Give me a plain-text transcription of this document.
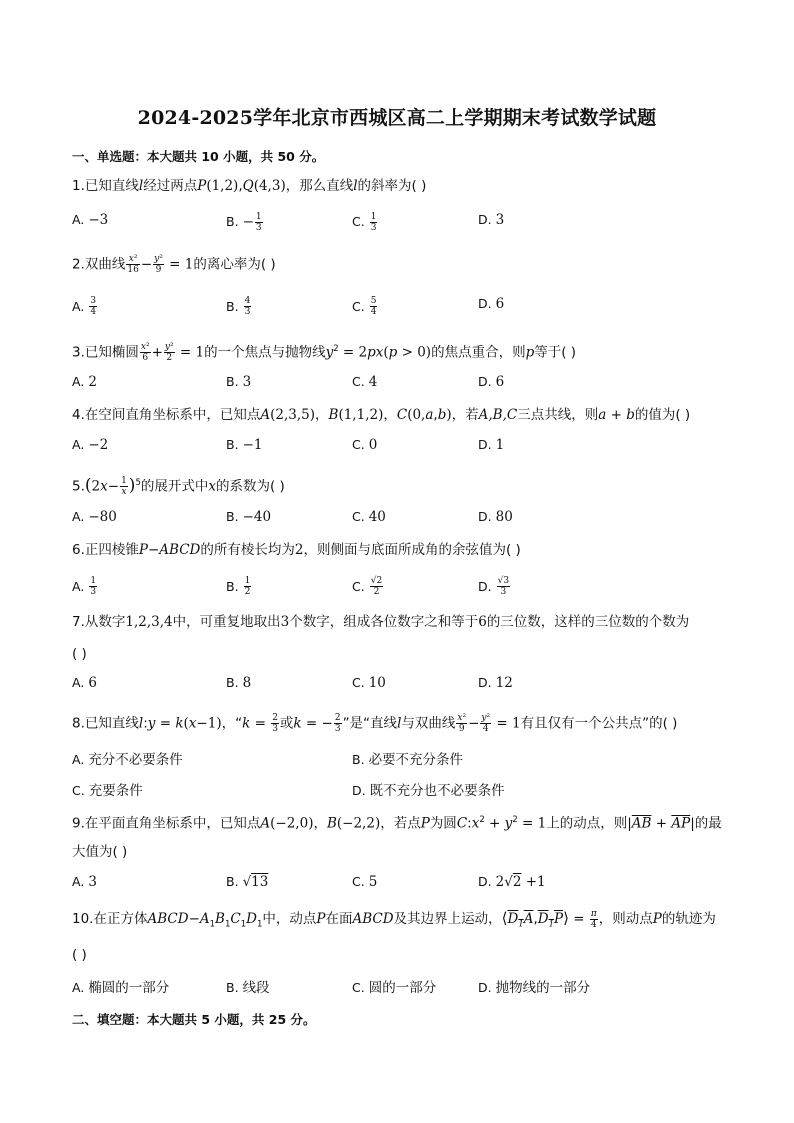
2024-2025学年北京市西城区高二上学期期末考试数学试题
一、单选题：本大题共 10 小题，共 50 分。
1.已知直线l经过两点P(1,2),Q(4,3)，那么直线l的斜率为( )
A. −3	B. − $\frac{1}{3}$	C. $\frac{1}{3}$	D. 3
2.双曲线 $\frac{\text{x²}}{16} - \frac{\text{y²}}{9} = 1$的离心率为( )
A. $\frac{3}{4}$	B. $\frac{4}{3}$	C. $\frac{5}{4}$	D. 6
3.已知椭圆 $\frac{\text{x²}}{6} + \frac{\text{y²}}{2} = 1$的一个焦点与抛物线$y^2 = 2px(p > 0)$的焦点重合，则p等于( )
A. 2	B. 3	C. 4	D. 6
4.在空间直角坐标系中，已知点A(2,3,5)，B(1,1,2)，C(0,a,b)，若A,B,C三点共线，则a + b的值为( )
A. −2	B. −1	C. 0	D. 1
$5.(2x- \frac{1}{x} )^5$的展开式中x的系数为( )
A. −80	B. −40	C. 40	D. 80
6.正四棱锥P−ABCD的所有棱长均为2，则侧面与底面所成角的余弦值为( )
A. $\frac{1}{3}$	B. $\frac{1}{2}$	C. $\frac{√2}{2}$	D. $\frac{√3}{3}$
7.从数字1,2,3,4中，可重复地取出3个数字，组成各位数字之和等于6的三位数，这样的三位数的个数为
( )
A. 6	B. 8	C. 10	D. 12
8.已知直线l:y = k(x−1)，“$k = \frac{2}{3}$ 或k = − $\frac{2}{3}$ ”是“直线l与双曲线 $\frac{\text{x²}}{9} - \frac{\text{y²}}{4} = 1$有且仅有一个公共点”的( )
A. 充分不必要条件	B. 必要不充分条件
C. 充要条件	D. 既不充分也不必要条件
9.在平面直角坐标系中，已知点A(−2,0)，B(−2,2)，若点P为圆$C:x^2 + y^2 = 1$上的动点，则$|\overline{AB} + \overline{AP}|$的最
大值为( )
A. 3	B. √13	C. 5	D. 2√2 +1
10.在正方体$ABCD-A_1B_1C_1D_1$中，动点P在面ABCD及其边界上运动，$⟨D_1A,D_1P⟩ = \frac{\pi}{4}$ ，则动点P的轨迹为
( )
A. 椭圆的一部分	B. 线段	C. 圆的一部分	D. 抛物线的一部分
二、填空题：本大题共 5 小题，共 25 分。
